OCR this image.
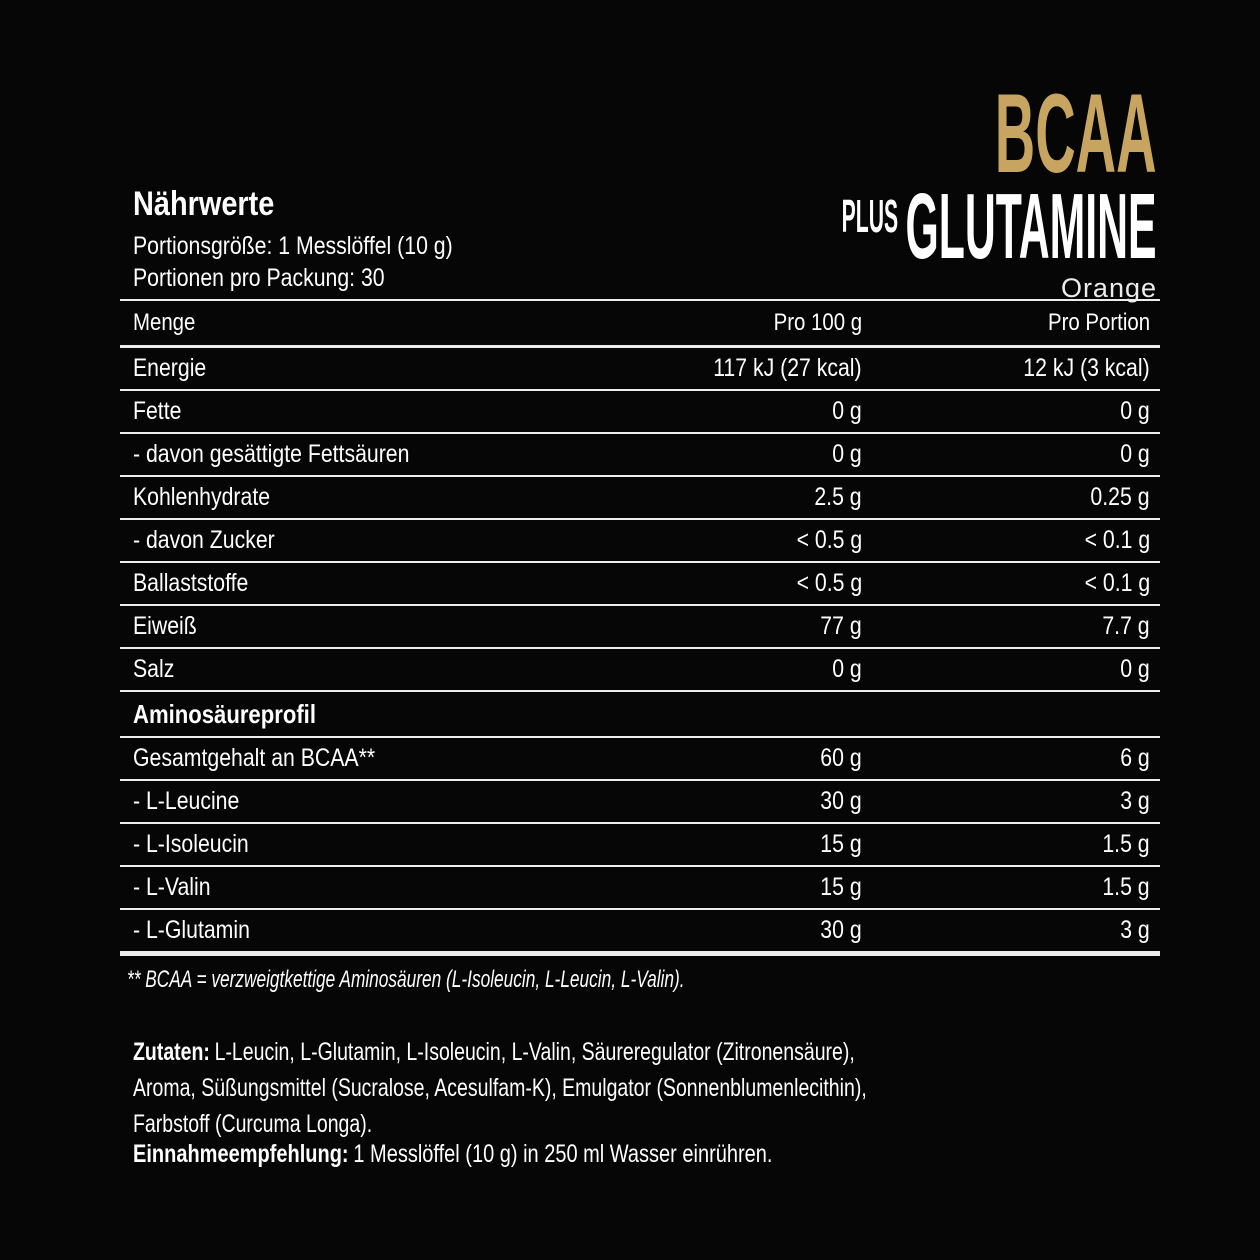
BCAA
PLUS GLUTAMINE
Orange
Nährwerte
Portionsgröße: 1 Messlöffel (10 g)
Portionen pro Packung: 30
Menge	Pro 100 g	Pro Portion
Energie	117 kJ (27 kcal)	12 kJ (3 kcal)
Fette	0 g	0 g
- davon gesättigte Fettsäuren	0 g	0 g
Kohlenhydrate	2.5 g	0.25 g
- davon Zucker	< 0.5 g	< 0.1 g
Ballaststoffe	< 0.5 g	< 0.1 g
Eiweiß	77 g	7.7 g
Salz	0 g	0 g
Aminosäureprofil
Gesamtgehalt an BCAA**	60 g	6 g
- L-Leucine	30 g	3 g
- L-Isoleucin	15 g	1.5 g
- L-Valin	15 g	1.5 g
- L-Glutamin	30 g	3 g
** BCAA = verzweigtkettige Aminosäuren (L-Isoleucin, L-Leucin, L-Valin).
Zutaten: L-Leucin, L-Glutamin, L-Isoleucin, L-Valin, Säureregulator (Zitronensäure), Aroma, Süßungsmittel (Sucralose, Acesulfam-K), Emulgator (Sonnenblumenlecithin), Farbstoff (Curcuma Longa).
Einnahmeempfehlung: 1 Messlöffel (10 g) in 250 ml Wasser einrühren.
